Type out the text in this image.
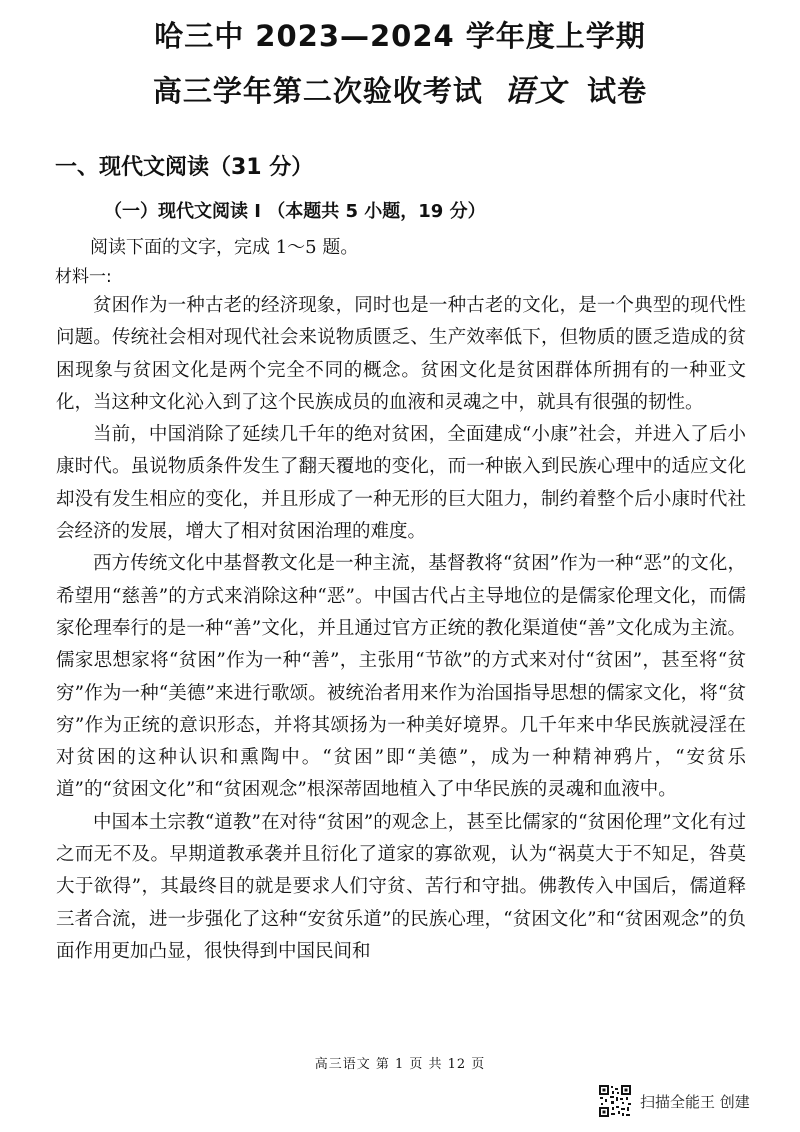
哈三中 2023—2024 学年度上学期
高三学年第二次验收考试 语文 试卷
一、现代文阅读（31 分）
（一）现代文阅读 I （本题共 5 小题，19 分）
阅读下面的文字，完成 1～5 题。
材料一:

贫困作为一种古老的经济现象，同时也是一种古老的文化，是一个典型的现代性问题。传统社会相对现代社会来说物质匮乏、生产效率低下，但物质的匮乏造成的贫困现象与贫困文化是两个完全不同的概念。贫困文化是贫困群体所拥有的一种亚文化，当这种文化沁入到了这个民族成员的血液和灵魂之中，就具有很强的韧性。

当前，中国消除了延续几千年的绝对贫困，全面建成“小康”社会，并进入了后小康时代。虽说物质条件发生了翻天覆地的变化，而一种嵌入到民族心理中的适应文化却没有发生相应的变化，并且形成了一种无形的巨大阻力，制约着整个后小康时代社会经济的发展，增大了相对贫困治理的难度。

西方传统文化中基督教文化是一种主流，基督教将“贫困”作为一种“恶”的文化，希望用“慈善”的方式来消除这种“恶”。中国古代占主导地位的是儒家伦理文化，而儒家伦理奉行的是一种“善”文化，并且通过官方正统的教化渠道使“善”文化成为主流。儒家思想家将“贫困”作为一种“善”，主张用“节欲”的方式来对付“贫困”，甚至将“贫穷”作为一种“美德”来进行歌颂。被统治者用来作为治国指导思想的儒家文化，将“贫穷”作为正统的意识形态，并将其颂扬为一种美好境界。几千年来中华民族就浸淫在对贫困的这种认识和熏陶中。“贫困”即“美德”，成为一种精神鸦片，“安贫乐道”的“贫困文化”和“贫困观念”根深蒂固地植入了中华民族的灵魂和血液中。

中国本土宗教“道教”在对待“贫困”的观念上，甚至比儒家的“贫困伦理”文化有过之而无不及。早期道教承袭并且衍化了道家的寡欲观，认为“祸莫大于不知足，咎莫大于欲得”，其最终目的就是要求人们守贫、苦行和守拙。佛教传入中国后，儒道释三者合流，进一步强化了这种“安贫乐道”的民族心理，“贫困文化”和“贫困观念”的负面作用更加凸显，很快得到中国民间和

高三语文 第 1 页 共 12 页
扫描全能王 创建
